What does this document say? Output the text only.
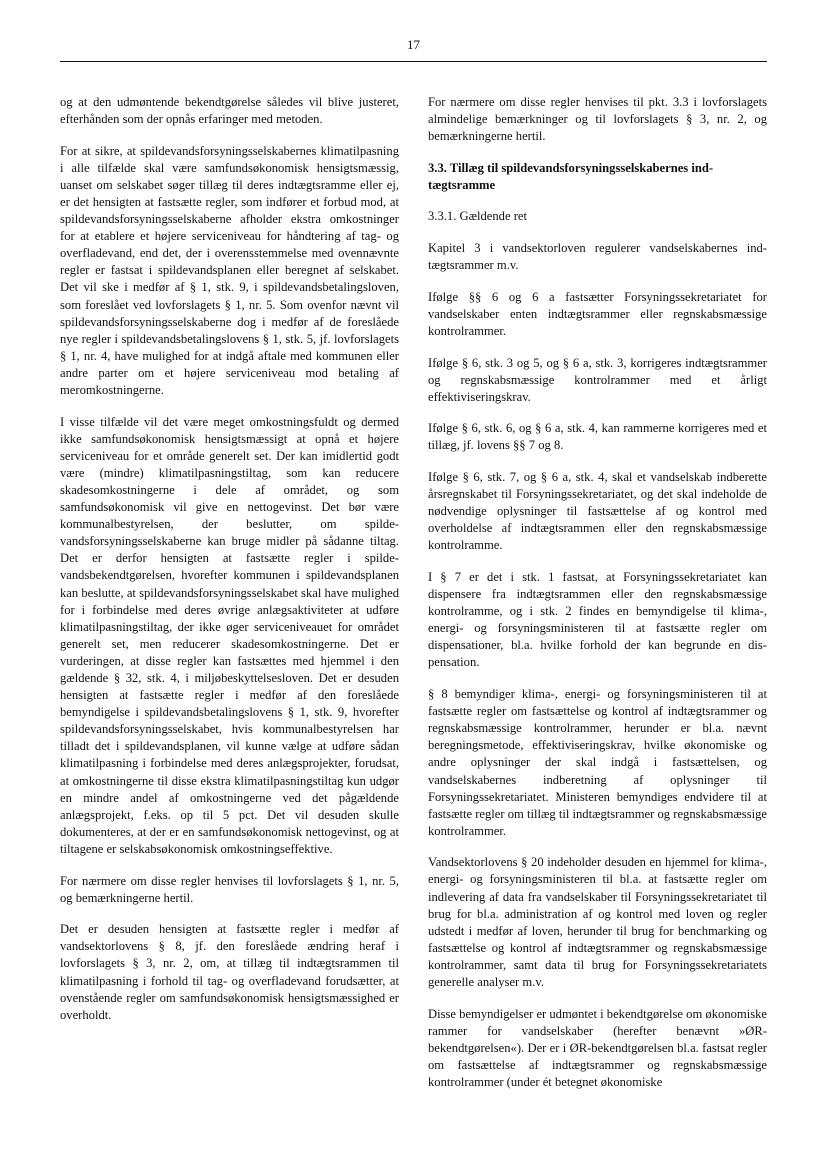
17

og at den udmøntende bekendtgørelse således vil blive justeret, efterhånden som der opnås erfaringer med metoden.

For at sikre, at spildevandsforsyningsselskabernes klimatilpasning i alle tilfælde skal være samfundsøkonomisk hensigtsmæssig, uanset om selskabet søger tillæg til deres indtægtsramme eller ej, er det hensigten at fastsætte regler, som indfører et forbud mod, at spildevandsforsyningsselskaberne afholder ekstra omkostninger for at etablere et højere serviceniveau for håndtering af tag- og overfladevand, end det, der i overensstemmelse med ovennævnte regler er fastsat i spildevandsplanen eller beregnet af selskabet. Det vil ske i medfør af § 1, stk. 9, i spildevandsbetalingsloven, som foreslået ved lovforslagets § 1, nr. 5. Som ovenfor nævnt vil spildevandsforsyningsselskaberne dog i medfør af de foreslåede nye regler i spildevandsbetalingslovens § 1, stk. 5, jf. lovforslagets § 1, nr. 4, have mulighed for at indgå aftale med kommunen eller andre parter om et højere serviceniveau mod betaling af meromkostningerne.

I visse tilfælde vil det være meget omkostningsfuldt og dermed ikke samfundsøkonomisk hensigtsmæssigt at opnå et højere serviceniveau for et område generelt set. Der kan imidlertid godt være (mindre) klimatilpasningstiltag, som kan reducere skadesomkostningerne i dele af området, og som samfundsøkonomisk vil give en nettogevinst. Det bør være kommunalbestyrelsen, der beslutter, om spildevandsforsyningsselskaberne kan bruge midler på sådanne tiltag. Det er derfor hensigten at fastsætte regler i spildevandsbekendtgørelsen, hvorefter kommunen i spildevandsplanen kan beslutte, at spildevandsforsyningsselskabet skal have mulighed for i forbindelse med deres øvrige anlægsaktiviteter at udføre klimatilpasningstiltag, der ikke øger serviceniveauet for området generelt set, men reducerer skadesomkostningerne. Det er vurderingen, at disse regler kan fastsættes med hjemmel i den gældende § 32, stk. 4, i miljøbeskyttelsesloven. Det er desuden hensigten at fastsætte regler i medfør af den foreslåede bemyndigelse i spildevandsbetalingslovens § 1, stk. 9, hvorefter spildevandsforsyningsselskabet, hvis kommunalbestyrelsen har tilladt det i spildevandsplanen, vil kunne vælge at udføre sådan klimatilpasning i forbindelse med deres anlægsprojekter, forudsat, at omkostningerne til disse ekstra klimatilpasningstiltag kun udgør en mindre andel af omkostningerne ved det pågældende anlægsprojekt, f.eks. op til 5 pct. Det vil desuden skulle dokumenteres, at der er en samfundsøkonomisk nettogevinst, og at tiltagene er selskabsøkonomisk omkostningseffektive.

For nærmere om disse regler henvises til lovforslagets § 1, nr. 5, og bemærkningerne hertil.

Det er desuden hensigten at fastsætte regler i medfør af vandsektorlovens § 8, jf. den foreslåede ændring heraf i lovforslagets § 3, nr. 2, om, at tillæg til indtægtsrammen til klimatilpasning i forhold til tag- og overfladevand forudsætter, at ovenstående regler om samfundsøkonomisk hensigtsmæssighed er overholdt.

For nærmere om disse regler henvises til pkt. 3.3 i lovforslagets almindelige bemærkninger og til lovforslagets § 3, nr. 2, og bemærkningerne hertil.

3.3. Tillæg til spildevandsforsyningsselskabernes indtægtsramme

3.3.1. Gældende ret

Kapitel 3 i vandsektorloven regulerer vandselskabernes indtægtsrammer m.v.

Ifølge §§ 6 og 6 a fastsætter Forsyningssekretariatet for vandselskaber enten indtægtsrammer eller regnskabsmæssige kontrolrammer.

Ifølge § 6, stk. 3 og 5, og § 6 a, stk. 3, korrigeres indtægtsrammer og regnskabsmæssige kontrolrammer med et årligt effektiviseringskrav.

Ifølge § 6, stk. 6, og § 6 a, stk. 4, kan rammerne korrigeres med et tillæg, jf. lovens §§ 7 og 8.

Ifølge § 6, stk. 7, og § 6 a, stk. 4, skal et vandselskab indberette årsregnskabet til Forsyningssekretariatet, og det skal indeholde de nødvendige oplysninger til fastsættelse af og kontrol med overholdelse af indtægtsrammen eller den regnskabsmæssige kontrolramme.

I § 7 er det i stk. 1 fastsat, at Forsyningssekretariatet kan dispensere fra indtægtsrammen eller den regnskabsmæssige kontrolramme, og i stk. 2 findes en bemyndigelse til klima-, energi- og forsyningsministeren til at fastsætte regler om dispensationer, bl.a. hvilke forhold der kan begrunde en dispensation.

§ 8 bemyndiger klima-, energi- og forsyningsministeren til at fastsætte regler om fastsættelse og kontrol af indtægtsrammer og regnskabsmæssige kontrolrammer, herunder er bl.a. nævnt beregningsmetode, effektiviseringskrav, hvilke økonomiske og andre oplysninger der skal indgå i fastsættelsen, og vandselskabernes indberetning af oplysninger til Forsyningssekretariatet. Ministeren bemyndiges endvidere til at fastsætte regler om tillæg til indtægtsrammer og regnskabsmæssige kontrolrammer.

Vandsektorlovens § 20 indeholder desuden en hjemmel for klima-, energi- og forsyningsministeren til bl.a. at fastsætte regler om indlevering af data fra vandselskaber til Forsyningssekretariatet til brug for bl.a. administration af og kontrol med loven og regler udstedt i medfør af loven, herunder til brug for benchmarking og fastsættelse og kontrol af indtægtsrammer og regnskabsmæssige kontrolrammer, samt data til brug for Forsyningssekretariatets generelle analyser m.v.

Disse bemyndigelser er udmøntet i bekendtgørelse om økonomiske rammer for vandselskaber (herefter benævnt »ØR-bekendtgørelsen«). Der er i ØR-bekendtgørelsen bl.a. fastsat regler om fastsættelse af indtægtsrammer og regnskabsmæssige kontrolrammer (under ét betegnet økonomiske
